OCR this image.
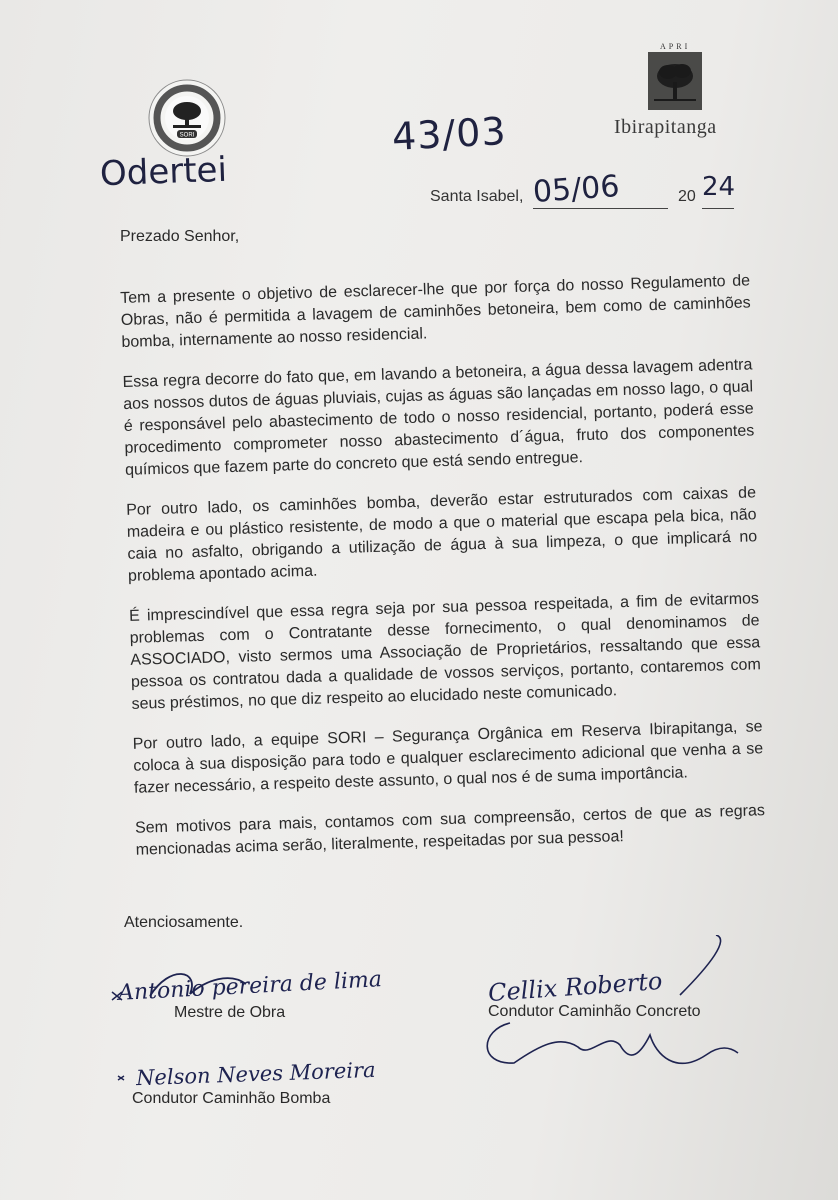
SORI
APRI
Ibirapitanga
43/03
Odertei
Santa Isabel, 05/06	20 24
Prezado Senhor,

Tem a presente o objetivo de esclarecer-lhe que por força do nosso Regulamento de Obras, não é permitida a lavagem de caminhões betoneira, bem como de caminhões bomba, internamente ao nosso residencial.

Essa regra decorre do fato que, em lavando a betoneira, a água dessa lavagem adentra aos nossos dutos de águas pluviais, cujas as águas são lançadas em nosso lago, o qual é responsável pelo abastecimento de todo o nosso residencial, portanto, poderá esse procedimento comprometer nosso abastecimento d´água, fruto dos componentes químicos que fazem parte do concreto que está sendo entregue.

Por outro lado, os caminhões bomba, deverão estar estruturados com caixas de madeira e ou plástico resistente, de modo a que o material que escapa pela bica, não caia no asfalto, obrigando a utilização de água à sua limpeza, o que implicará no problema apontado acima.

É imprescindível que essa regra seja por sua pessoa respeitada, a fim de evitarmos problemas com o Contratante desse fornecimento, o qual denominamos de ASSOCIADO, visto sermos uma Associação de Proprietários, ressaltando que essa pessoa os contratou dada a qualidade de vossos serviços, portanto, contaremos com seus préstimos, no que diz respeito ao elucidado neste comunicado.

Por outro lado, a equipe SORI – Segurança Orgânica em Reserva Ibirapitanga, se coloca à sua disposição para todo e qualquer esclarecimento adicional que venha a se fazer necessário, a respeito deste assunto, o qual nos é de suma importância.

Sem motivos para mais, contamos com sua compreensão, certos de que as regras mencionadas acima serão, literalmente, respeitadas por sua pessoa!

Atenciosamente.
Antonio pereira de lima
Mestre de Obra
Cellix Roberto
Condutor Caminhão Concreto
Nelson Neves Moreira
Condutor Caminhão Bomba
